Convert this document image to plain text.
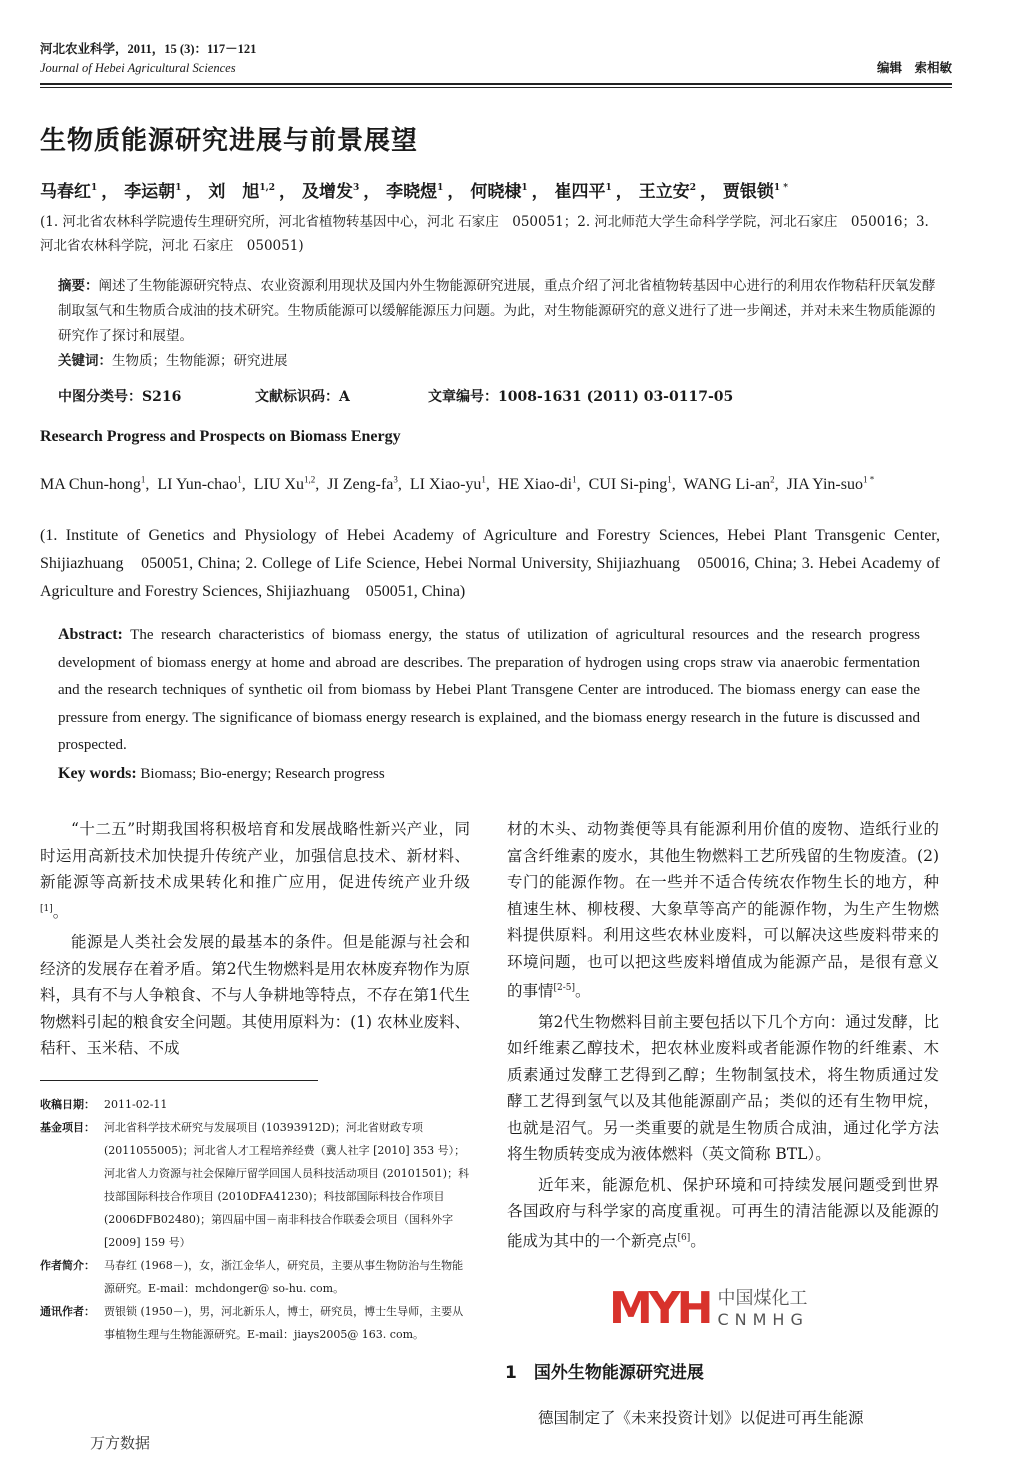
河北农业科学，2011，15 (3)：117－121
Journal of Hebei Agricultural Sciences	编辑　索相敏
生物质能源研究进展与前景展望
马春红$^1$ ， 李运朝$^1$ ， 刘　旭$^{1,2}$ ， 及增发$^3$ ， 李晓煜$^1$ ， 何晓棣$^1$ ， 崔四平$^1$ ， 王立安$^2$ ， 贾银锁$^{1 *}$
(1. 河北省农林科学院遗传生理研究所，河北省植物转基因中心，河北 石家庄　050051；2. 河北师范大学生命科学学院，河北石家庄　050016；3. 河北省农林科学院，河北 石家庄　050051)
摘要：阐述了生物能源研究特点、农业资源利用现状及国内外生物能源研究进展，重点介绍了河北省植物转基因中心进行的利用农作物秸秆厌氧发酵制取氢气和生物质合成油的技术研究。生物质能源可以缓解能源压力问题。为此，对生物能源研究的意义进行了进一步阐述，并对未来生物质能源的研究作了探讨和展望。
关键词：生物质；生物能源；研究进展
中图分类号：S216	文献标识码：A	文章编号：1008-1631 (2011) 03-0117-05
Research Progress and Prospects on Biomass Energy
MA Chun-hong$^1$,  LI Yun-chao$^1$,  LIU Xu$^{1,2}$,  JI Zeng-$fa^3$,  LI Xiao-$yu^1$,  HE Xiao-$di^1$,  CUI Si-ping$^1$,  WANG $Li-an^2$,  JIA Yin-suo$^{1 *}$
(1. Institute of Genetics and Physiology of Hebei Academy of Agriculture and Forestry Sciences, Hebei Plant Transgenic Center, Shijiazhuang　050051, China; 2. College of Life Science, Hebei Normal University, Shijiazhuang　050016, China; 3. Hebei Academy of Agriculture and Forestry Sciences, Shijiazhuang　050051, China)
Abstract: The research characteristics of biomass energy, the status of utilization of agricultural resources and the research progress development of biomass energy at home and abroad are describes. The preparation of hydrogen using crops straw via anaerobic fermentation and the research techniques of synthetic oil from biomass by Hebei Plant Transgene Center are introduced. The biomass energy can ease the pressure from energy. The significance of biomass energy research is explained, and the biomass energy research in the future is discussed and prospected.
Key words: Biomass; Bio-energy; Research progress

“十二五”时期我国将积极培育和发展战略性新兴产业，同时运用高新技术加快提升传统产业，加强信息技术、新材料、新能源等高新技术成果转化和推广应用，促进传统产业升级[1]。

能源是人类社会发展的最基本的条件。但是能源与社会和经济的发展存在着矛盾。第2代生物燃料是用农林废弃物作为原料，具有不与人争粮食、不与人争耕地等特点，不存在第1代生物燃料引起的粮食安全问题。其使用原料为：(1) 农林业废料、秸秆、玉米秸、不成

收稿日期： 2011-02-11
基金项目： 河北省科学技术研究与发展项目 (10393912D)；河北省财政专项 (2011055005)；河北省人才工程培养经费（冀人社字 [2010] 353 号）；河北省人力资源与社会保障厅留学回国人员科技活动项目 (20101501)；科技部国际科技合作项目 (2010DFA41230)；科技部国际科技合作项目 (2006DFB02480)；第四届中国－南非科技合作联委会项目（国科外字 [2009] 159 号）
作者简介： 马春红 (1968－)，女，浙江金华人，研究员，主要从事生物防治与生物能源研究。E-mail：mchdonger@ so-hu. com。
通讯作者： 贾银锁 (1950－)，男，河北新乐人，博士，研究员，博士生导师，主要从事植物生理与生物能源研究。E-mail：jiays2005@ 163. com。

材的木头、动物粪便等具有能源利用价值的废物、造纸行业的富含纤维素的废水，其他生物燃料工艺所残留的生物废渣。(2) 专门的能源作物。在一些并不适合传统农作物生长的地方，种植速生林、柳枝稷、大象草等高产的能源作物，为生产生物燃料提供原料。利用这些农林业废料，可以解决这些废料带来的环境问题，也可以把这些废料增值成为能源产品，是很有意义的事情[2-5]。

第2代生物燃料目前主要包括以下几个方向：通过发酵，比如纤维素乙醇技术，把农林业废料或者能源作物的纤维素、木质素通过发酵工艺得到乙醇；生物制氢技术，将生物质通过发酵工艺得到氢气以及其他能源副产品；类似的还有生物甲烷，也就是沼气。另一类重要的就是生物质合成油，通过化学方法将生物质转变成为液体燃料（英文简称 BTL）。

近年来，能源危机、保护环境和可持续发展问题受到世界各国政府与科学家的高度重视。可再生的清洁能源以及能源的能成为其中的一个新亮点[6]。

1　国外生物能源研究进展

德国制定了《未来投资计划》以促进可再生能源

MYH 中国煤化工
CNMHG
万方数据
